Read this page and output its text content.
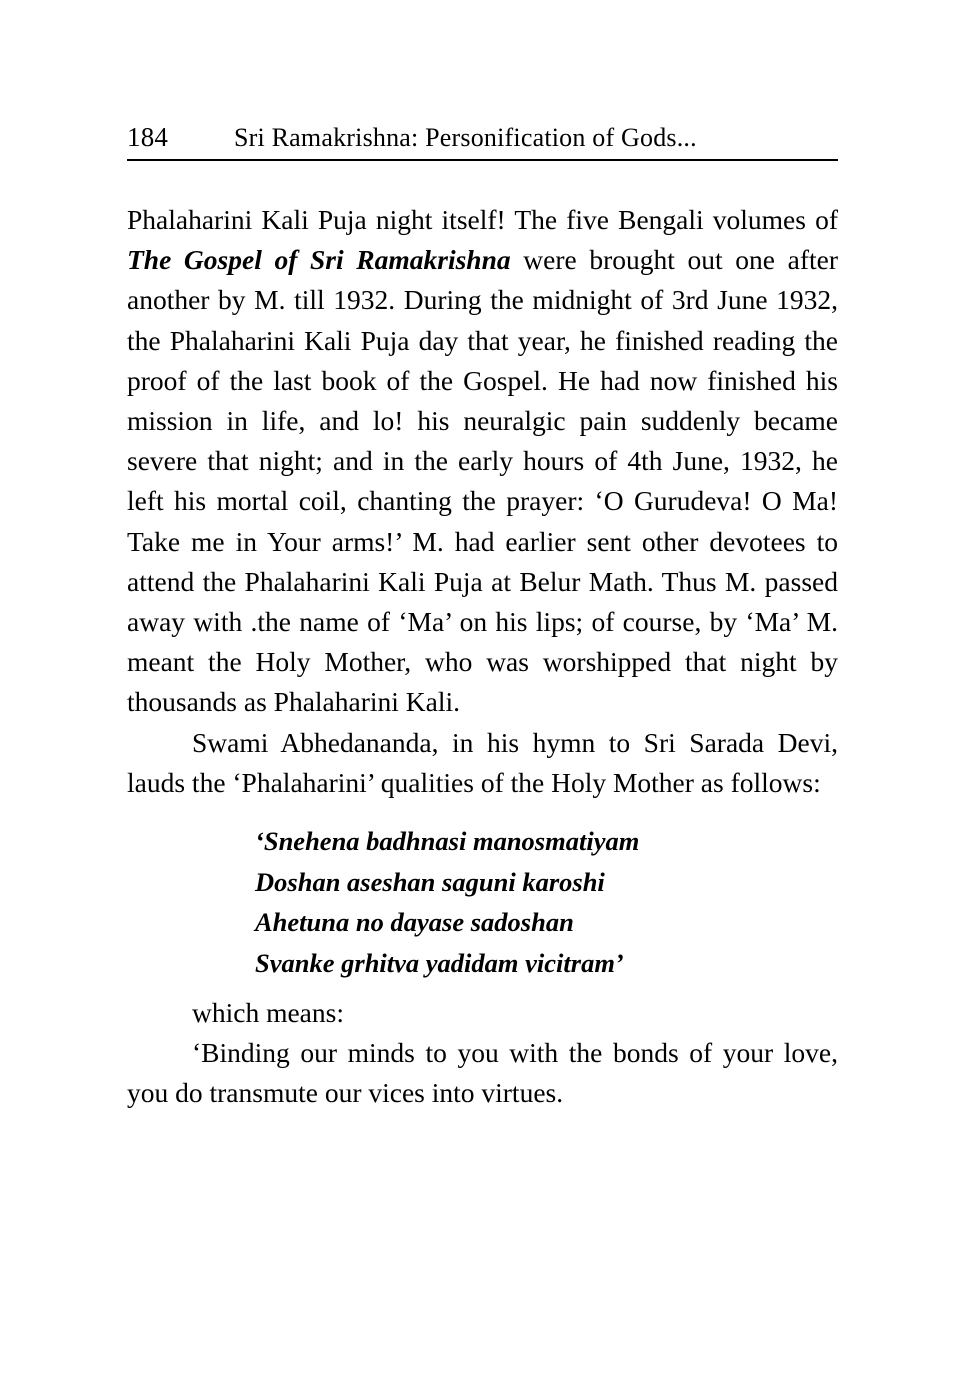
184	Sri Ramakrishna: Personification of Gods...

Phalaharini Kali Puja night itself! The five Bengali volumes of The Gospel of Sri Ramakrishna were brought out one after another by M. till 1932. During the midnight of 3rd June 1932, the Phalaharini Kali Puja day that year, he finished reading the proof of the last book of the Gospel. He had now finished his mission in life, and lo! his neuralgic pain suddenly became severe that night; and in the early hours of 4th June, 1932, he left his mortal coil, chanting the prayer: ‘O Gurudeva! O Ma! Take me in Your arms!’ M. had earlier sent other devotees to attend the Phalaharini Kali Puja at Belur Math. Thus M. passed away with .the name of ‘Ma’ on his lips; of course, by ‘Ma’ M. meant the Holy Mother, who was worshipped that night by thousands as Phalaharini Kali.

Swami Abhedananda, in his hymn to Sri Sarada Devi, lauds the ‘Phalaharini’ qualities of the Holy Mother as follows:

‘Snehena badhnasi manosmatiyam
Doshan aseshan saguni karoshi
Ahetuna no dayase sadoshan
Svanke grhitva yadidam vicitram’

which means:

‘Binding our minds to you with the bonds of your love, you do transmute our vices into virtues.
